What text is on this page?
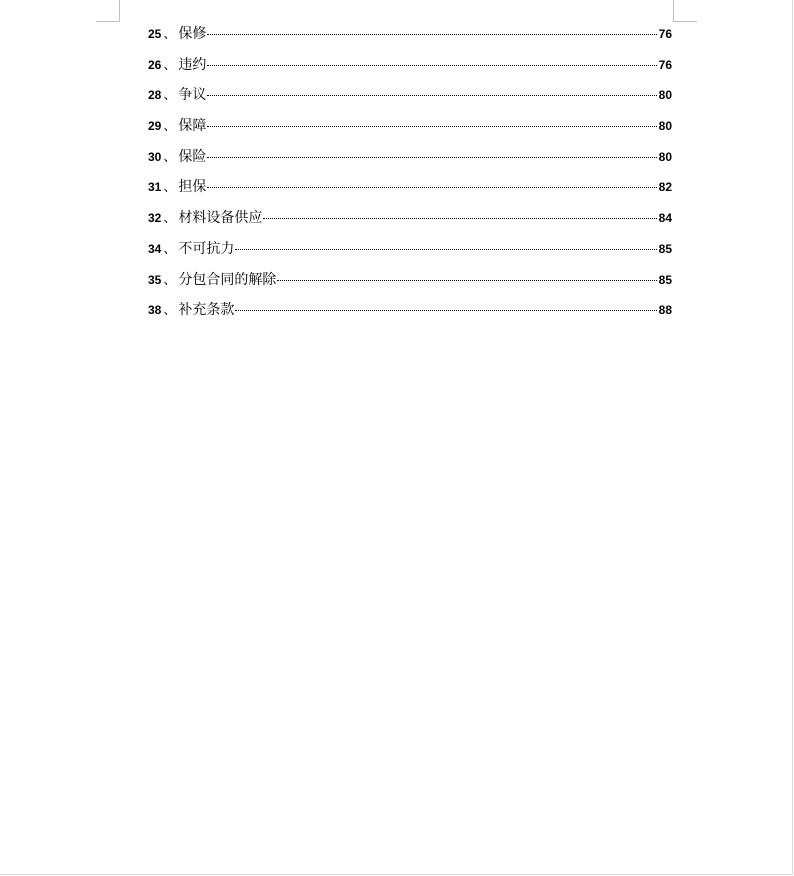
25 、 保修	76
26 、 违约	76
28 、 争议	80
29 、 保障	80
30 、 保险	80
31 、 担保	82
32 、 材料设备供应	84
34 、 不可抗力	85
35 、 分包合同的解除	85
38 、 补充条款	88
